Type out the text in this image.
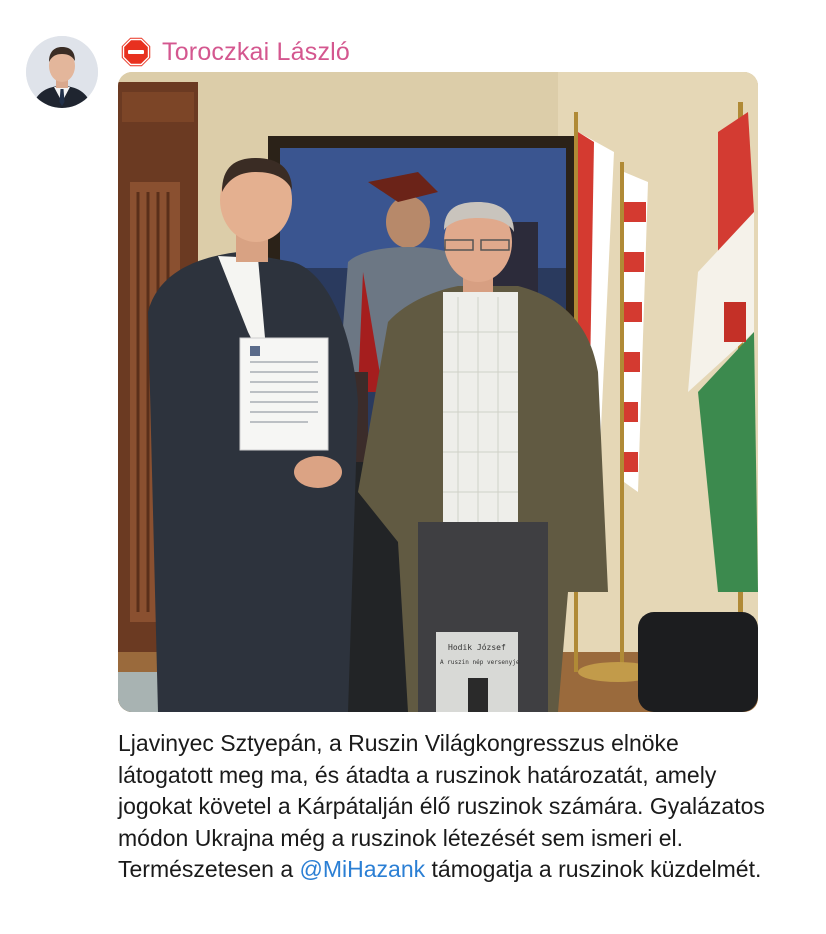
Toroczkai László
Hodik József
A ruszin nép versenyje

Ljavinyec Sztyepán, a Ruszin Világkongresszus elnöke látogatott meg ma, és átadta a ruszinok határozatát, amely jogokat követel a Kárpátalján élő ruszinok számára. Gyalázatos módon Ukrajna még a ruszinok létezését sem ismeri el. Természetesen a @MiHazank támogatja a ruszinok küzdelmét.
